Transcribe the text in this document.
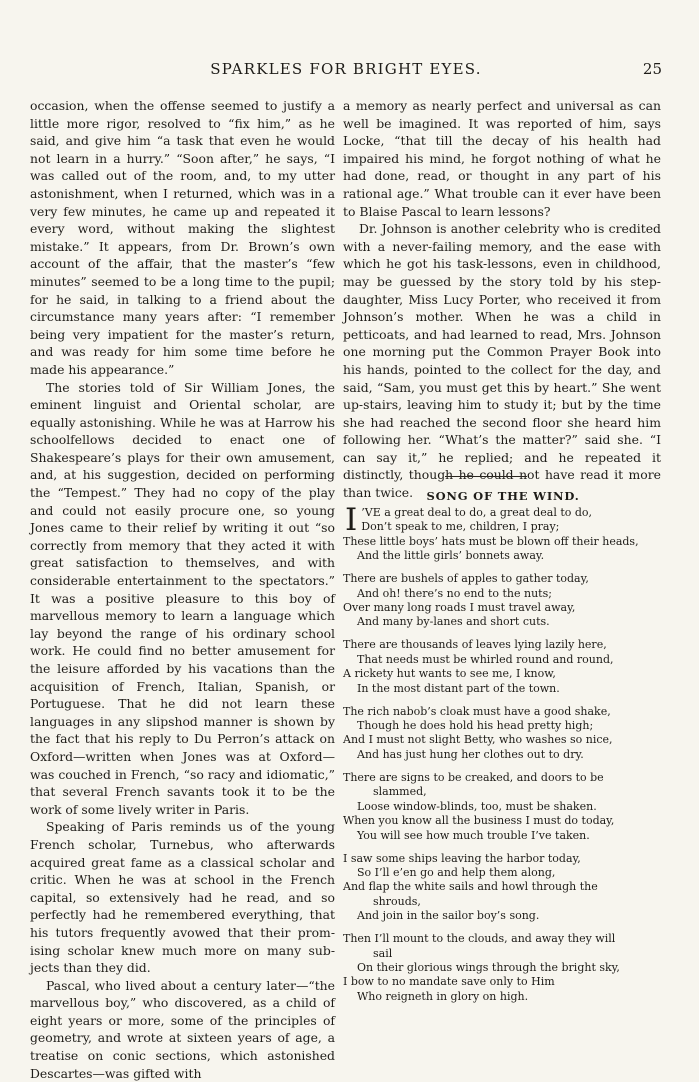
SPARKLES FOR BRIGHT EYES.	25

occasion, when the offense seemed to justify a little more rigor, resolved to “fix him,” as he said, and give him “a task that even he would not learn in a hurry.” “Soon after,” he says, “I was called out of the room, and, to my utter astonishment, when I returned, which was in a very few minutes, he came up and repeated it every word, without making the slightest mistake.” It appears, from Dr. Brown’s own account of the affair, that the master’s “few minutes” seemed to be a long time to the pupil; for he said, in talking to a friend about the circumstance many years after: “I remember being very impatient for the master’s return, and was ready for him some time before he made his appearance.”

The stories told of Sir William Jones, the eminent linguist and Oriental scholar, are equally astonishing. While he was at Harrow his schoolfellows decided to enact one of Shakespeare’s plays for their own amusement, and, at his suggestion, decided on performing the “Tempest.” They had no copy of the play and could not easily procure one, so young Jones came to their relief by writing it out “so correctly from memory that they acted it with great satisfaction to themselves, and with considerable entertainment to the spectators.” It was a positive pleasure to this boy of marvellous memory to learn a language which lay beyond the range of his ordinary school work. He could find no better amusement for the leisure afforded by his vacations than the acquisition of French, Italian, Spanish, or Portuguese. That he did not learn these languages in any slipshod manner is shown by the fact that his reply to Du Perron’s attack on Oxford—written when Jones was at Oxford—was couched in French, “so racy and idiomatic,” that several French savants took it to be the work of some lively writer in Paris.

Speaking of Paris reminds us of the young French scholar, Turnebus, who afterwards acquired great fame as a classical scholar and critic. When he was at school in the French capital, so extensively had he read, and so perfectly had he remembered everything, that his tutors frequently avowed that their promising scholar knew much more on many subjects than they did.

Pascal, who lived about a century later—“the marvellous boy,” who discovered, as a child of eight years or more, some of the principles of geometry, and wrote at sixteen years of age, a treatise on conic sections, which astonished Descartes—was gifted with

a memory as nearly perfect and universal as can well be imagined. It was reported of him, says Locke, “that till the decay of his health had impaired his mind, he forgot nothing of what he had done, read, or thought in any part of his rational age.” What trouble can it ever have been to Blaise Pascal to learn lessons?

Dr. Johnson is another celebrity who is credited with a never-failing memory, and the ease with which he got his task-lessons, even in childhood, may be guessed by the story told by his step-daughter, Miss Lucy Porter, who received it from Johnson’s mother. When he was a child in petticoats, and had learned to read, Mrs. Johnson one morning put the Common Prayer Book into his hands, pointed to the collect for the day, and said, “Sam, you must get this by heart.” She went up-stairs, leaving him to study it; but by the time she had reached the second floor she heard him following her. “What’s the matter?” said she. “I can say it,” he replied; and he repeated it distinctly, though he could not have read it more than twice.	SONG OF THE WIND.
I ’VE a great deal to do, a great deal to do,
Don’t speak to me, children, I pray;
These little boys’ hats must be blown off their heads,
And the little girls’ bonnets away.
There are bushels of apples to gather today,
And oh! there’s no end to the nuts;
Over many long roads I must travel away,
And many by-lanes and short cuts.
There are thousands of leaves lying lazily here,
That needs must be whirled round and round,
A rickety hut wants to see me, I know,
In the most distant part of the town.
The rich nabob’s cloak must have a good shake,
Though he does hold his head pretty high;
And I must not slight Betty, who washes so nice,
And has just hung her clothes out to dry.
There are signs to be creaked, and doors to be
slammed,
Loose window-blinds, too, must be shaken.
When you know all the business I must do today,
You will see how much trouble I’ve taken.
I saw some ships leaving the harbor today,
So I’ll e’en go and help them along,
And flap the white sails and howl through the
shrouds,
And join in the sailor boy’s song.
Then I’ll mount to the clouds, and away they will
sail
On their glorious wings through the bright sky,
I bow to no mandate save only to Him
Who reigneth in glory on high.
